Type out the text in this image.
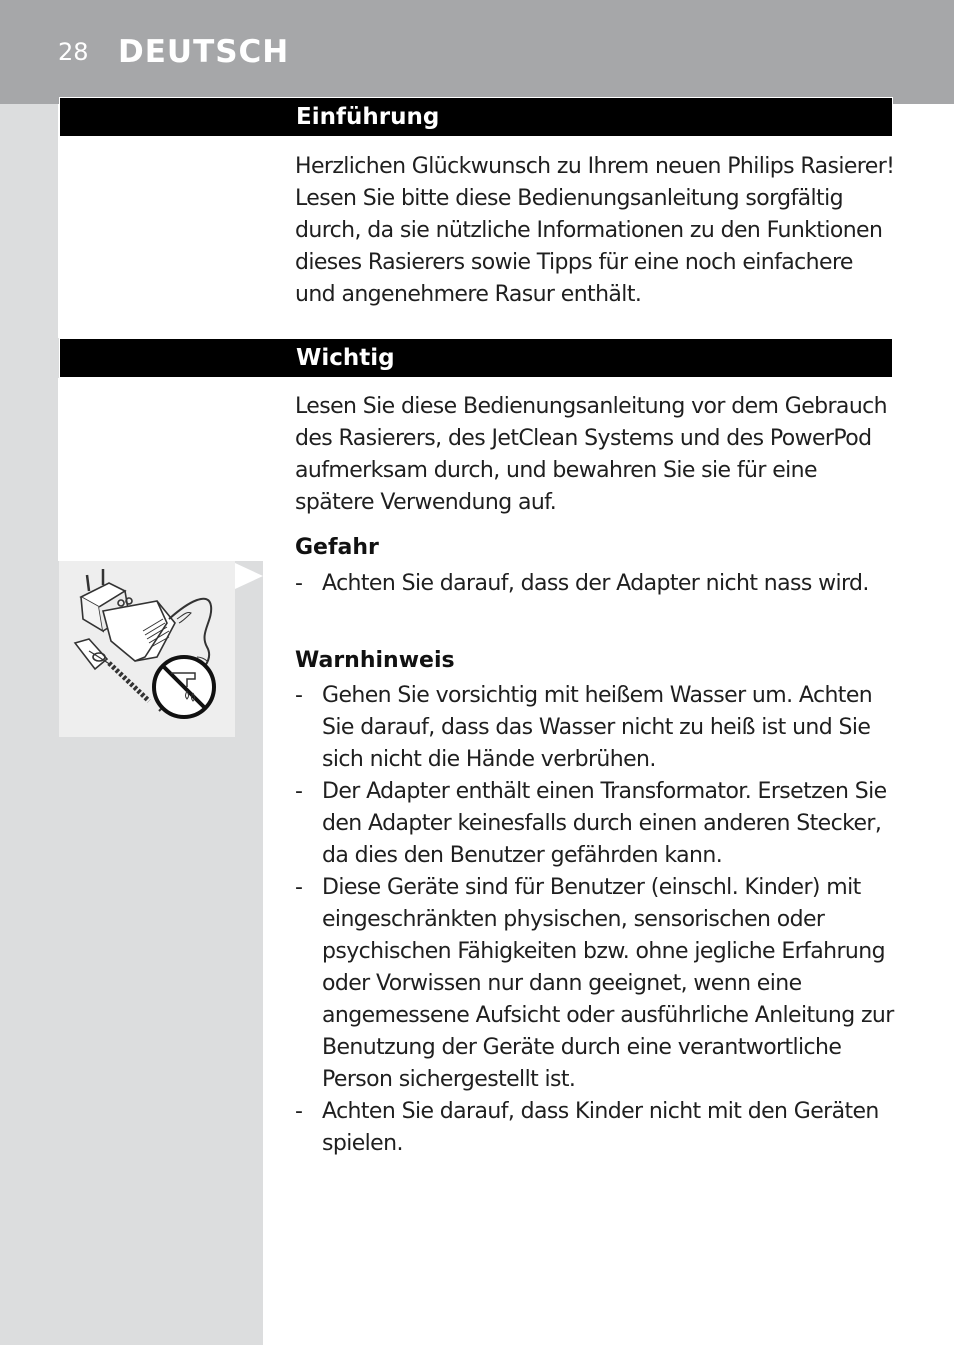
28 DEUTSCH
Einführung
Herzlichen Glückwunsch zu Ihrem neuen Philips Rasierer! Lesen Sie bitte diese Bedienungsanleitung sorgfältig durch, da sie nützliche Informationen zu den Funktionen dieses Rasierers sowie Tipps für eine noch einfachere und angenehmere Rasur enthält.
Wichtig
Lesen Sie diese Bedienungsanleitung vor dem Gebrauch des Rasierers, des JetClean Systems und des PowerPod aufmerksam durch, und bewahren Sie sie für eine spätere Verwendung auf.
Gefahr
- Achten Sie darauf, dass der Adapter nicht nass wird.
Warnhinweis
- Gehen Sie vorsichtig mit heißem Wasser um. Achten Sie darauf, dass das Wasser nicht zu heiß ist und Sie sich nicht die Hände verbrühen.
- Der Adapter enthält einen Transformator. Ersetzen Sie den Adapter keinesfalls durch einen anderen Stecker, da dies den Benutzer gefährden kann.
- Diese Geräte sind für Benutzer (einschl. Kinder) mit eingeschränkten physischen, sensorischen oder psychischen Fähigkeiten bzw. ohne jegliche Erfahrung oder Vorwissen nur dann geeignet, wenn eine angemessene Aufsicht oder ausführliche Anleitung zur Benutzung der Geräte durch eine verantwortliche Person sichergestellt ist.
- Achten Sie darauf, dass Kinder nicht mit den Geräten spielen.
